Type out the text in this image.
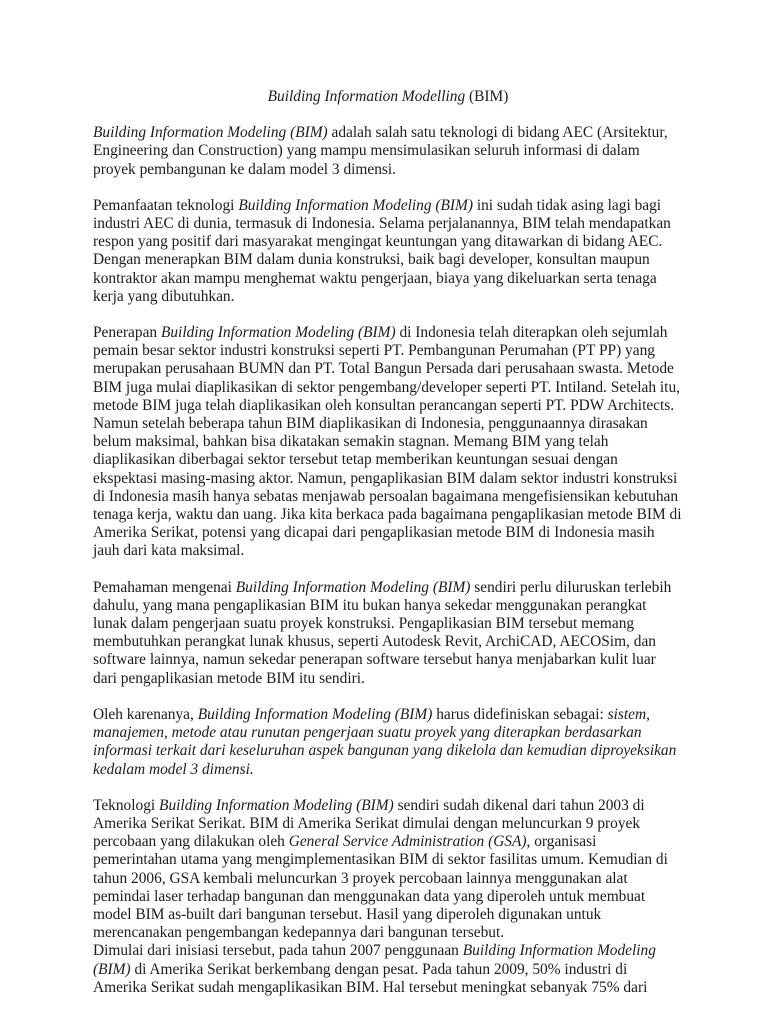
Building Information Modelling (BIM)

Building Information Modeling (BIM) adalah salah satu teknologi di bidang AEC (Arsitektur, Engineering dan Construction) yang mampu mensimulasikan seluruh informasi di dalam proyek pembangunan ke dalam model 3 dimensi.

Pemanfaatan teknologi Building Information Modeling (BIM) ini sudah tidak asing lagi bagi industri AEC di dunia, termasuk di Indonesia. Selama perjalanannya, BIM telah mendapatkan respon yang positif dari masyarakat mengingat keuntungan yang ditawarkan di bidang AEC. Dengan menerapkan BIM dalam dunia konstruksi, baik bagi developer, konsultan maupun kontraktor akan mampu menghemat waktu pengerjaan, biaya yang dikeluarkan serta tenaga kerja yang dibutuhkan.

Penerapan Building Information Modeling (BIM) di Indonesia telah diterapkan oleh sejumlah pemain besar sektor industri konstruksi seperti PT. Pembangunan Perumahan (PT PP) yang merupakan perusahaan BUMN dan PT. Total Bangun Persada dari perusahaan swasta. Metode BIM juga mulai diaplikasikan di sektor pengembang/developer seperti PT. Intiland. Setelah itu, metode BIM juga telah diaplikasikan oleh konsultan perancangan seperti PT. PDW Architects. Namun setelah beberapa tahun BIM diaplikasikan di Indonesia, penggunaannya dirasakan belum maksimal, bahkan bisa dikatakan semakin stagnan. Memang BIM yang telah diaplikasikan diberbagai sektor tersebut tetap memberikan keuntungan sesuai dengan ekspektasi masing-masing aktor. Namun, pengaplikasian BIM dalam sektor industri konstruksi di Indonesia masih hanya sebatas menjawab persoalan bagaimana mengefisiensikan kebutuhan tenaga kerja, waktu dan uang. Jika kita berkaca pada bagaimana pengaplikasian metode BIM di Amerika Serikat, potensi yang dicapai dari pengaplikasian metode BIM di Indonesia masih jauh dari kata maksimal.

Pemahaman mengenai Building Information Modeling (BIM) sendiri perlu diluruskan terlebih dahulu, yang mana pengaplikasian BIM itu bukan hanya sekedar menggunakan perangkat lunak dalam pengerjaan suatu proyek konstruksi. Pengaplikasian BIM tersebut memang membutuhkan perangkat lunak khusus, seperti Autodesk Revit, ArchiCAD, AECOSim, dan software lainnya, namun sekedar penerapan software tersebut hanya menjabarkan kulit luar dari pengaplikasian metode BIM itu sendiri.

Oleh karenanya, Building Information Modeling (BIM) harus didefiniskan sebagai: sistem, manajemen, metode atau runutan pengerjaan suatu proyek yang diterapkan berdasarkan informasi terkait dari keseluruhan aspek bangunan yang dikelola dan kemudian diproyeksikan kedalam model 3 dimensi.

Teknologi Building Information Modeling (BIM) sendiri sudah dikenal dari tahun 2003 di Amerika Serikat Serikat. BIM di Amerika Serikat dimulai dengan meluncurkan 9 proyek percobaan yang dilakukan oleh General Service Administration (GSA), organisasi pemerintahan utama yang mengimplementasikan BIM di sektor fasilitas umum. Kemudian di tahun 2006, GSA kembali meluncurkan 3 proyek percobaan lainnya menggunakan alat pemindai laser terhadap bangunan dan menggunakan data yang diperoleh untuk membuat model BIM as-built dari bangunan tersebut. Hasil yang diperoleh digunakan untuk merencanakan pengembangan kedepannya dari bangunan tersebut.

Dimulai dari inisiasi tersebut, pada tahun 2007 penggunaan Building Information Modeling (BIM) di Amerika Serikat berkembang dengan pesat. Pada tahun 2009, 50% industri di Amerika Serikat sudah mengaplikasikan BIM. Hal tersebut meningkat sebanyak 75% dari
